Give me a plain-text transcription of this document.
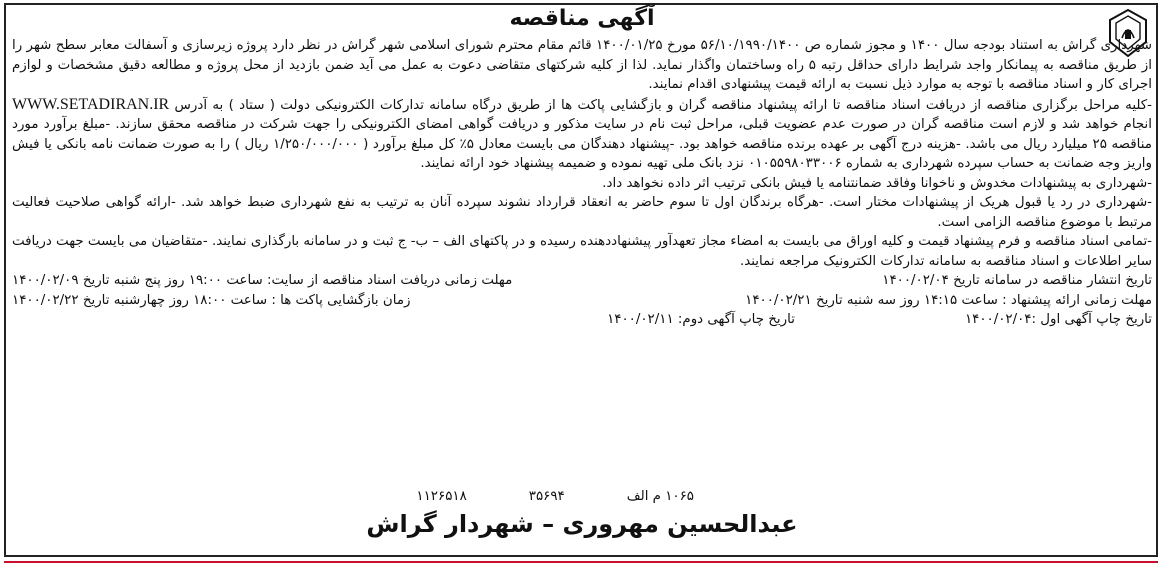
آگهی مناقصه

شهرداری گراش به استناد بودجه سال ۱۴۰۰ و مجوز شماره ص ۵۶/۱۰/۱۹۹۰/۱۴۰۰ مورخ ۱۴۰۰/۰۱/۲۵ قائم مقام محترم شورای اسلامی شهر گراش در نظر دارد پروژه زیرسازی و آسفالت معابر سطح شهر را از طریق مناقصه به پیمانکار واجد شرایط دارای حداقل رتبه ۵ راه وساختمان واگذار نماید. لذا از کلیه شرکتهای متقاضی دعوت به عمل می آید ضمن بازدید از محل پروژه و مطالعه دقیق مشخصات و لوازم اجرای کار و اسناد مناقصه با توجه به موارد ذیل نسبت به ارائه قیمت پیشنهادی اقدام نمایند.

-کلیه مراحل برگزاری مناقصه از دریافت اسناد مناقصه تا ارائه پیشنهاد مناقصه گران و بازگشایی پاکت ها از طریق درگاه سامانه تدارکات الکترونیکی دولت ( ستاد ) به آدرس WWW.SETADIRAN.IR انجام خواهد شد و لازم است مناقصه گران در صورت عدم عضویت قبلی، مراحل ثبت نام در سایت مذکور و دریافت گواهی امضای الکترونیکی را جهت شرکت در مناقصه محقق سازند. -مبلغ برآورد مورد مناقصه ۲۵ میلیارد ریال می باشد. -هزینه درج آگهی بر عهده برنده مناقصه خواهد بود. -پیشنهاد دهندگان می بایست معادل ۵٪ کل مبلغ برآورد ( ۱/۲۵۰/۰۰۰/۰۰۰ ریال ) را به صورت ضمانت نامه بانکی یا فیش واریز وجه ضمانت به حساب سپرده شهرداری به شماره ۰۱۰۵۵۹۸۰۳۳۰۰۶ نزد بانک ملی تهیه نموده و ضمیمه پیشنهاد خود ارائه نمایند.

-شهرداری به پیشنهادات مخدوش و ناخوانا وفاقد ضمانتنامه یا فیش بانکی ترتیب اثر داده نخواهد داد.

-شهرداری در رد یا قبول هریک از پیشنهادات مختار است. -هرگاه برندگان اول تا سوم حاضر به انعقاد قرارداد نشوند سپرده آنان به ترتیب به نفع شهرداری ضبط خواهد شد. -ارائه گواهی صلاحیت فعالیت مرتبط با موضوع مناقصه الزامی است.

-تمامی اسناد مناقصه و فرم پیشنهاد قیمت و کلیه اوراق می بایست به امضاء مجاز تعهدآور پیشنهاددهنده رسیده و در پاکتهای الف – ب- ج ثبت و در سامانه بارگذاری نمایند. -متقاضیان می بایست جهت دریافت سایر اطلاعات و اسناد مناقصه به سامانه تدارکات الکترونیک مراجعه نمایند.

تاریخ انتشار مناقصه در سامانه تاریخ ۱۴۰۰/۰۲/۰۴
مهلت زمانی دریافت اسناد مناقصه از سایت: ساعت ۱۹:۰۰ روز پنج شنبه تاریخ ۱۴۰۰/۰۲/۰۹
مهلت زمانی ارائه پیشنهاد : ساعت ۱۴:۱۵ روز سه شنبه تاریخ ۱۴۰۰/۰۲/۲۱
زمان بازگشایی پاکت ها : ساعت ۱۸:۰۰ روز چهارشنبه تاریخ ۱۴۰۰/۰۲/۲۲
تاریخ چاپ آگهی اول :۱۴۰۰/۰۲/۰۴
تاریخ چاپ آگهی دوم: ۱۴۰۰/۰۲/۱۱
۱۰۶۵ م الف
۳۵۶۹۴
۱۱۲۶۵۱۸
عبدالحسین مهروری – شهردار گراش
